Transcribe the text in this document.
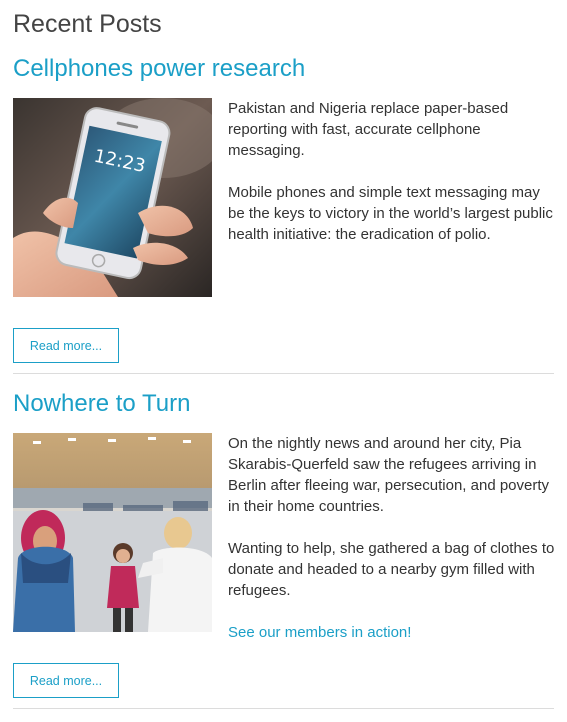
Recent Posts
Cellphones power research
12:23

Pakistan and Nigeria replace paper-based reporting with fast, accurate cellphone messaging.

Mobile phones and simple text messaging may be the keys to victory in the world’s largest public health initiative: the eradication of polio.

Read more...
Nowhere to Turn

On the nightly news and around her city, Pia Skarabis-Querfeld saw the refugees arriving in Berlin after fleeing war, persecution, and poverty in their home countries.

Wanting to help, she gathered a bag of clothes to donate and headed to a nearby gym filled with refugees.

See our members in action!
Read more...
